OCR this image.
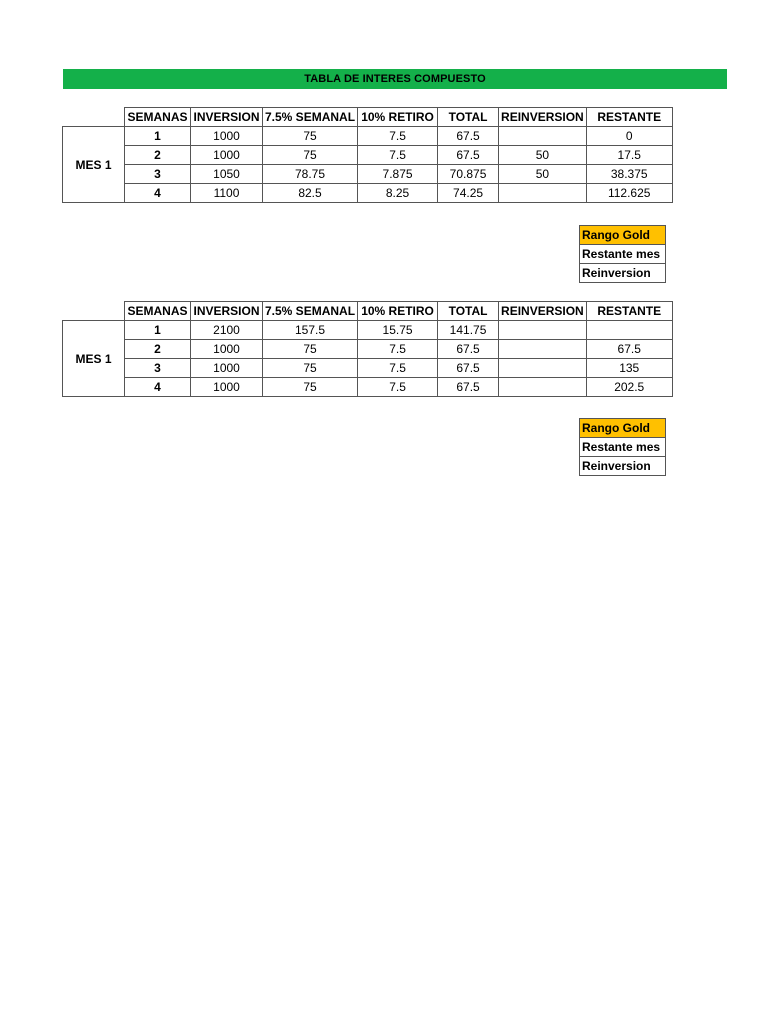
TABLA DE INTERES COMPUESTO
	SEMANAS	INVERSION	7.5% SEMANAL	10% RETIRO	TOTAL	REINVERSION	RESTANTE
MES 1	1	1000	75	7.5	67.5		0
	2	1000	75	7.5	67.5	50	17.5
	3	1050	78.75	7.875	70.875	50	38.375
	4	1100	82.5	8.25	74.25		112.625
Rango Gold
Restante mes
Reinversion
	SEMANAS	INVERSION	7.5% SEMANAL	10% RETIRO	TOTAL	REINVERSION	RESTANTE
MES 1	1	2100	157.5	15.75	141.75		
	2	1000	75	7.5	67.5		67.5
	3	1000	75	7.5	67.5		135
	4	1000	75	7.5	67.5		202.5
Rango Gold
Restante mes
Reinversion
